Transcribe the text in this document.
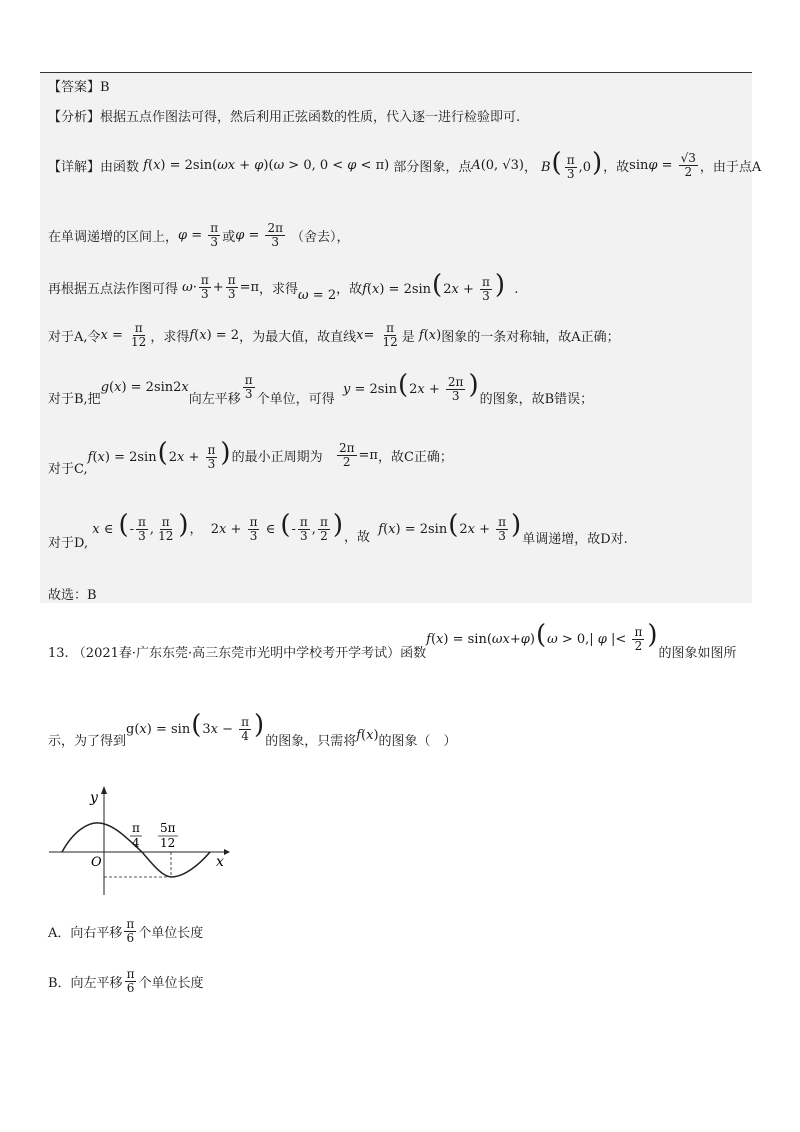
【答案】B
【分析】 根据五点作图法可得，然后利用正弦函数的性质，代入逐一进行检验即可.
【详解】 由函数 f(x) = 2sin(ωx + φ)(ω > 0, 0 < φ < π) 部分图象，点 A(0, √3) ， $B( \frac{\pi}{3} ,0)$ ，故 $\sin\varphi = \frac{√3}{2}$ ，由于点A
在单调递增的区间上， $\varphi = \frac{\pi}{3}$ 或 $\varphi = \frac{2\pi}{3}$ （舍去），
再根据五点法作图可得 $\omega\cdot \frac{\pi}{3} + \frac{\pi}{3} =\pi$ ，求得 ω = 2 ，故 $f(x) = 2\sin(2x + \frac{\pi}{3}$ )  .
对于A,令 $x = \frac{\pi}{12}$ ，求得 f(x) = 2 ，为最大值，故直线 $x= \frac{\pi}{12}$ 是 f(x) 图象的一条对称轴，故A正确；
对于B,把
g(x) = 2sin2x
向左平移 $\frac{\pi}{3}$ 个单位，可得
$y = 2\sin(2x + \frac{2\pi}{3}$ ) 的图象，故B错误；
对于C,
$f(x) = 2\sin(2x + \frac{\pi}{3}$ ) 的最小正周期为
$\frac{2\pi}{2} =\pi$ ，故C正确；
对于D,
x ∈ (- $\frac{\pi}{3}$ , $\frac{\pi}{12}$ )，  $2x + \frac{\pi}{3}$ ∈ (- $\frac{\pi}{3}$ , $\frac{\pi}{2}$ ) ，故
$f(x) = 2\sin(2x + \frac{\pi}{3}$ ) 单调递增，故D对.
故选：B
13. （2021春·广东东莞·高三东莞市光明中学校考开学考试）函数
f(x) = sin(ωx+φ)(ω > 0,| φ |< $\frac{\pi}{2}$ )
的图象如图所
示，为了得到
$g(x) = \sin(3x - \frac{\pi}{4}$ )
的图象，只需将 f(x) 的图象（　）
y
x
O
π
4
5π
12
A．向右平移 $\frac{\pi}{6}$ 个单位长度
B．向左平移 $\frac{\pi}{6}$ 个单位长度
